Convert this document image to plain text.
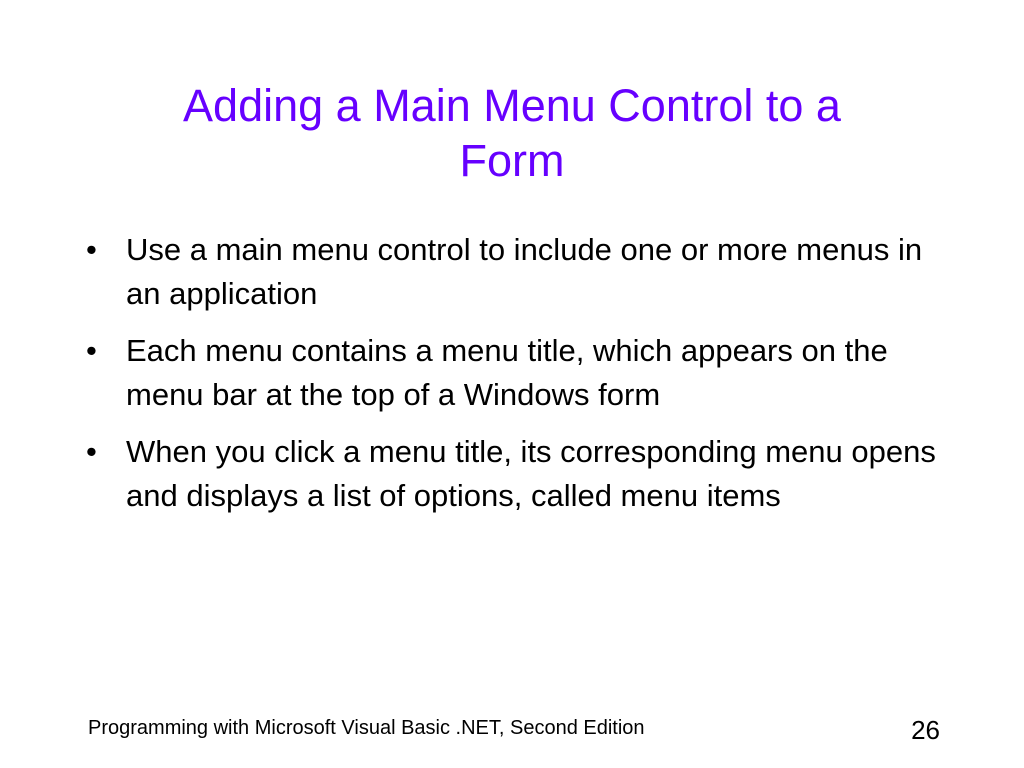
Adding a Main Menu Control to a
Form
• Use a main menu control to include one or more menus in an application
• Each menu contains a menu title, which appears on the menu bar at the top of a Windows form
• When you click a menu title, its corresponding menu opens and displays a list of options, called menu items
Programming with Microsoft Visual Basic .NET, Second Edition	26
